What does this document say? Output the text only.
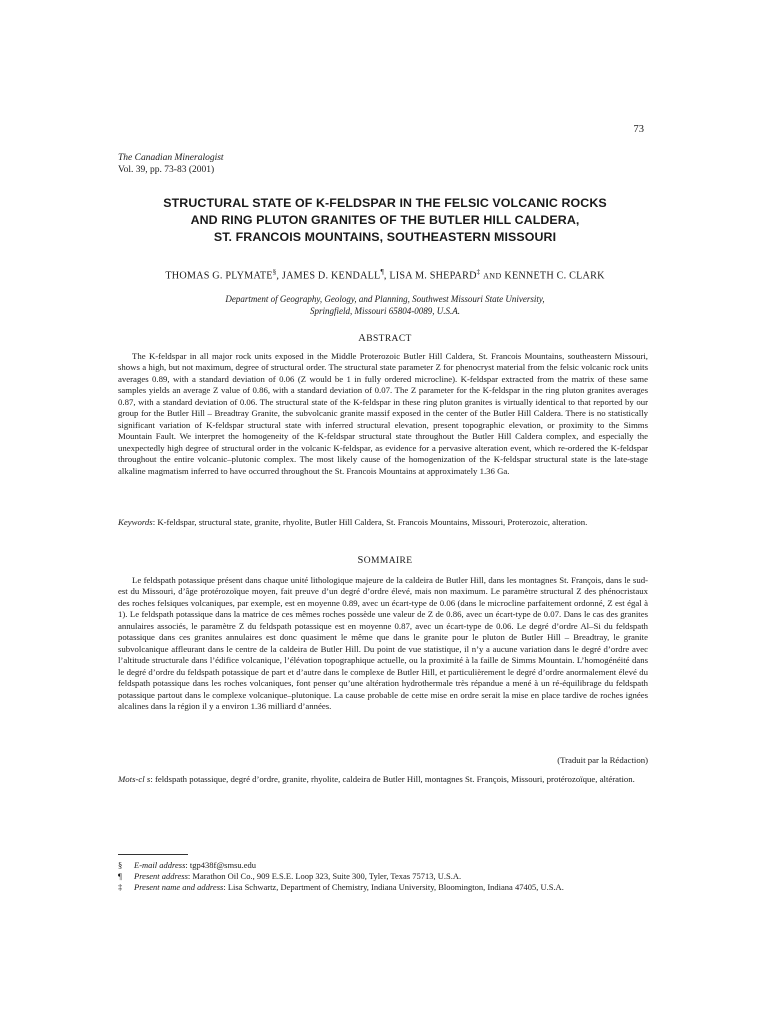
73
The Canadian Mineralogist
Vol. 39, pp. 73-83 (2001)
STRUCTURAL STATE OF K-FELDSPAR IN THE FELSIC VOLCANIC ROCKS
AND RING PLUTON GRANITES OF THE BUTLER HILL CALDERA,
ST. FRANCOIS MOUNTAINS, SOUTHEASTERN MISSOURI
THOMAS G. PLYMATE§, JAMES D. KENDALL¶, LISA M. SHEPARD‡ AND KENNETH C. CLARK
Department of Geography, Geology, and Planning, Southwest Missouri State University,
Springfield, Missouri 65804-0089, U.S.A.
ABSTRACT
The K-feldspar in all major rock units exposed in the Middle Proterozoic Butler Hill Caldera, St. Francois Mountains, southeastern Missouri, shows a high, but not maximum, degree of structural order. The structural state parameter Z for phenocryst material from the felsic volcanic rock units averages 0.89, with a standard deviation of 0.06 (Z would be 1 in fully ordered microcline). K-feldspar extracted from the matrix of these same samples yields an average Z value of 0.86, with a standard deviation of 0.07. The Z parameter for the K-feldspar in the ring pluton granites averages 0.87, with a standard deviation of 0.06. The structural state of the K-feldspar in these ring pluton granites is virtually identical to that reported by our group for the Butler Hill – Breadtray Granite, the subvolcanic granite massif exposed in the center of the Butler Hill Caldera. There is no statistically significant variation of K-feldspar structural state with inferred structural elevation, present topographic elevation, or proximity to the Simms Mountain Fault. We interpret the homogeneity of the K-feldspar structural state throughout the Butler Hill Caldera complex, and especially the unexpectedly high degree of structural order in the volcanic K-feldspar, as evidence for a pervasive alteration event, which re-ordered the K-feldspar throughout the entire volcanic–plutonic complex. The most likely cause of the homogenization of the K-feldspar structural state is the late-stage alkaline magmatism inferred to have occurred throughout the St. Francois Mountains at approximately 1.36 Ga.
Keywords: K-feldspar, structural state, granite, rhyolite, Butler Hill Caldera, St. Francois Mountains, Missouri, Proterozoic, alteration.
SOMMAIRE
Le feldspath potassique présent dans chaque unité lithologique majeure de la caldeira de Butler Hill, dans les montagnes St. François, dans le sud-est du Missouri, d’âge protérozoïque moyen, fait preuve d’un degré d’ordre élevé, mais non maximum. Le paramètre structural Z des phénocristaux des roches felsiques volcaniques, par exemple, est en moyenne 0.89, avec un écart-type de 0.06 (dans le microcline parfaitement ordonné, Z est égal à 1). Le feldspath potassique dans la matrice de ces mêmes roches possède une valeur de Z de 0.86, avec un écart-type de 0.07. Dans le cas des granites annulaires associés, le paramètre Z du feldspath potassique est en moyenne 0.87, avec un écart-type de 0.06. Le degré d’ordre Al–Si du feldspath potassique dans ces granites annulaires est donc quasiment le même que dans le granite pour le pluton de Butler Hill – Breadtray, le granite subvolcanique affleurant dans le centre de la caldeira de Butler Hill. Du point de vue statistique, il n’y a aucune variation dans le degré d’ordre avec l’altitude structurale dans l’édifice volcanique, l’élévation topographique actuelle, ou la proximité à la faille de Simms Mountain. L’homogénéité dans le degré d’ordre du feldspath potassique de part et d’autre dans le complexe de Butler Hill, et particulièrement le degré d’ordre anormalement élevé du feldspath potassique dans les roches volcaniques, font penser qu’une altération hydrothermale très répandue a mené à un ré-équilibrage du feldspath potassique partout dans le complexe volcanique–plutonique. La cause probable de cette mise en ordre serait la mise en place tardive de roches ignées alcalines dans la région il y a environ 1.36 milliard d’années.
(Traduit par la Rédaction)
Mots-cl s: feldspath potassique, degré d’ordre, granite, rhyolite, caldeira de Butler Hill, montagnes St. François, Missouri, protérozoïque, altération.
§	E-mail address: tgp438f@smsu.edu
¶	Present address: Marathon Oil Co., 909 E.S.E. Loop 323, Suite 300, Tyler, Texas 75713, U.S.A.
‡	Present name and address: Lisa Schwartz, Department of Chemistry, Indiana University, Bloomington, Indiana 47405, U.S.A.
